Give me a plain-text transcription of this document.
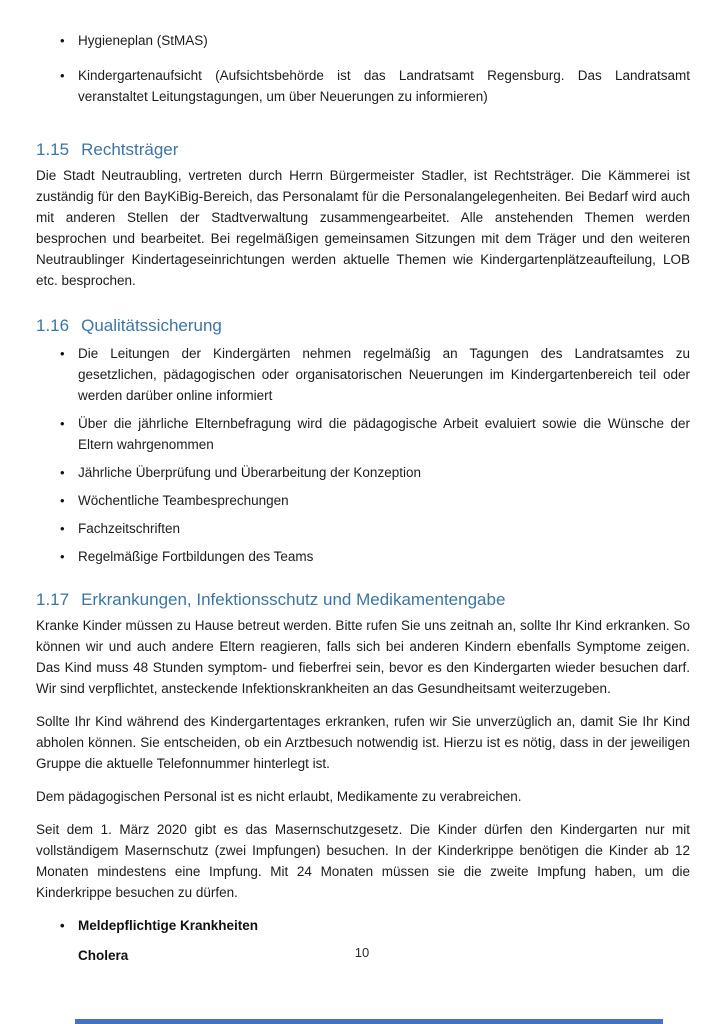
• Hygieneplan (StMAS)
• Kindergartenaufsicht (Aufsichtsbehörde ist das Landratsamt Regensburg. Das Landratsamt veranstaltet Leitungstagungen, um über Neuerungen zu informieren)
1.15 Rechtsträger

Die Stadt Neutraubling, vertreten durch Herrn Bürgermeister Stadler, ist Rechtsträger. Die Kämmerei ist zuständig für den BayKiBig-Bereich, das Personalamt für die Personalangelegenheiten. Bei Bedarf wird auch mit anderen Stellen der Stadtverwaltung zusammengearbeitet. Alle anstehenden Themen werden besprochen und bearbeitet. Bei regelmäßigen gemeinsamen Sitzungen mit dem Träger und den weiteren Neutraublinger Kindertageseinrichtungen werden aktuelle Themen wie Kindergartenplätzeaufteilung, LOB etc. besprochen.

1.16 Qualitätssicherung
• Die Leitungen der Kindergärten nehmen regelmäßig an Tagungen des Landratsamtes zu gesetzlichen, pädagogischen oder organisatorischen Neuerungen im Kindergartenbereich teil oder werden darüber online informiert
• Über die jährliche Elternbefragung wird die pädagogische Arbeit evaluiert sowie die Wünsche der Eltern wahrgenommen
• Jährliche Überprüfung und Überarbeitung der Konzeption
• Wöchentliche Teambesprechungen
• Fachzeitschriften
• Regelmäßige Fortbildungen des Teams
1.17 Erkrankungen, Infektionsschutz und Medikamentengabe

Kranke Kinder müssen zu Hause betreut werden. Bitte rufen Sie uns zeitnah an, sollte Ihr Kind erkranken. So können wir und auch andere Eltern reagieren, falls sich bei anderen Kindern ebenfalls Symptome zeigen. Das Kind muss 48 Stunden symptom- und fieberfrei sein, bevor es den Kindergarten wieder besuchen darf. Wir sind verpflichtet, ansteckende Infektionskrankheiten an das Gesundheitsamt weiterzugeben.

Sollte Ihr Kind während des Kindergartentages erkranken, rufen wir Sie unverzüglich an, damit Sie Ihr Kind abholen können. Sie entscheiden, ob ein Arztbesuch notwendig ist. Hierzu ist es nötig, dass in der jeweiligen Gruppe die aktuelle Telefonnummer hinterlegt ist.

Dem pädagogischen Personal ist es nicht erlaubt, Medikamente zu verabreichen.

Seit dem 1. März 2020 gibt es das Masernschutzgesetz. Die Kinder dürfen den Kindergarten nur mit vollständigem Masernschutz (zwei Impfungen) besuchen. In der Kinderkrippe benötigen die Kinder ab 12 Monaten mindestens eine Impfung. Mit 24 Monaten müssen sie die zweite Impfung haben, um die Kinderkrippe besuchen zu dürfen.

• Meldepflichtige Krankheiten
Cholera	10
